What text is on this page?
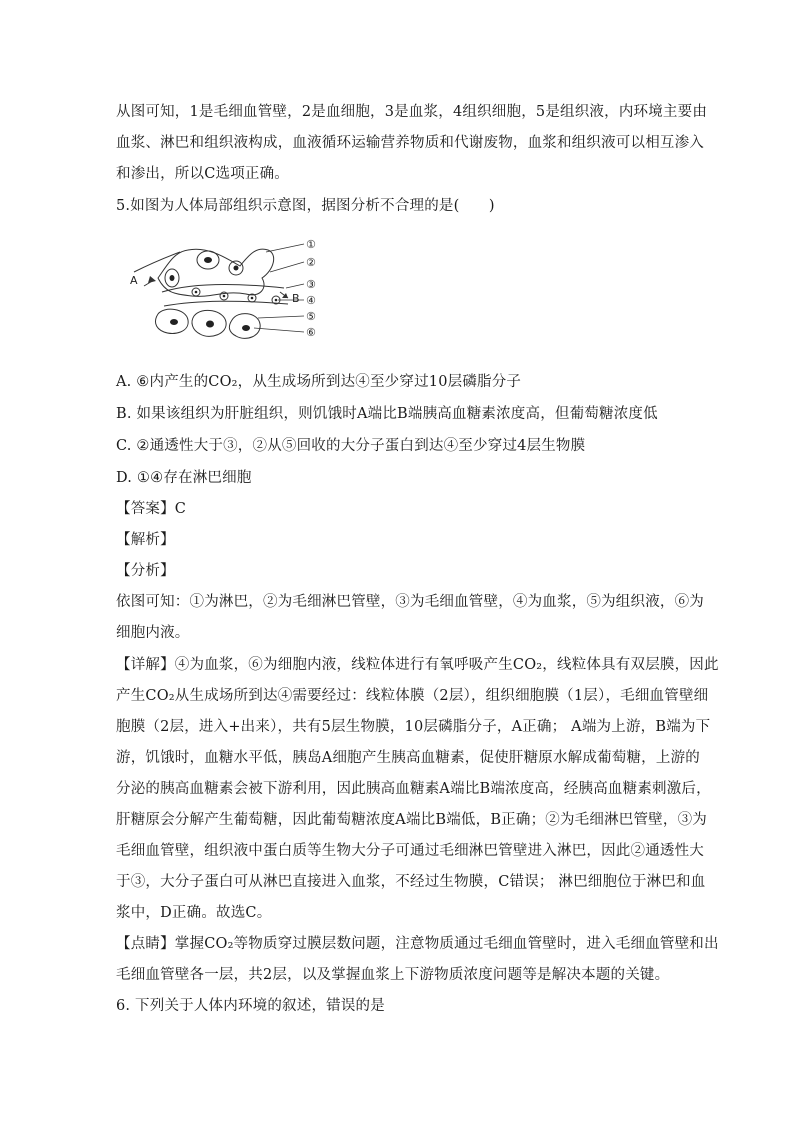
从图可知，1是毛细血管壁，2是血细胞，3是血浆，4组织细胞，5是组织液，内环境主要由
血浆、淋巴和组织液构成，血液循环运输营养物质和代谢废物，血浆和组织液可以相互渗入
和渗出，所以C选项正确。
5.如图为人体局部组织示意图，据图分析不合理的是(　　)
A
B
①
②
③
④
⑤
⑥
A. ⑥内产生的CO₂，从生成场所到达④至少穿过10层磷脂分子
B. 如果该组织为肝脏组织，则饥饿时A端比B端胰高血糖素浓度高，但葡萄糖浓度低
C. ②通透性大于③，②从⑤回收的大分子蛋白到达④至少穿过4层生物膜
D. ①④存在淋巴细胞
【答案】C
【解析】
【分析】
依图可知：①为淋巴，②为毛细淋巴管壁，③为毛细血管壁，④为血浆，⑤为组织液，⑥为
细胞内液。
【详解】④为血浆，⑥为细胞内液，线粒体进行有氧呼吸产生CO₂，线粒体具有双层膜，因此
产生CO₂从生成场所到达④需要经过：线粒体膜（2层），组织细胞膜（1层），毛细血管壁细
胞膜（2层，进入+出来），共有5层生物膜，10层磷脂分子，A正确； A端为上游，B端为下
游，饥饿时，血糖水平低，胰岛A细胞产生胰高血糖素，促使肝糖原水解成葡萄糖，上游的
分泌的胰高血糖素会被下游利用，因此胰高血糖素A端比B端浓度高，经胰高血糖素刺激后，
肝糖原会分解产生葡萄糖，因此葡萄糖浓度A端比B端低，B正确；②为毛细淋巴管壁，③为
毛细血管壁，组织液中蛋白质等生物大分子可通过毛细淋巴管壁进入淋巴，因此②通透性大
于③，大分子蛋白可从淋巴直接进入血浆，不经过生物膜，C错误； 淋巴细胞位于淋巴和血
浆中，D正确。故选C。
【点睛】掌握CO₂等物质穿过膜层数问题，注意物质通过毛细血管壁时，进入毛细血管壁和出
毛细血管壁各一层，共2层，以及掌握血浆上下游物质浓度问题等是解决本题的关键。
6. 下列关于人体内环境的叙述，错误的是
